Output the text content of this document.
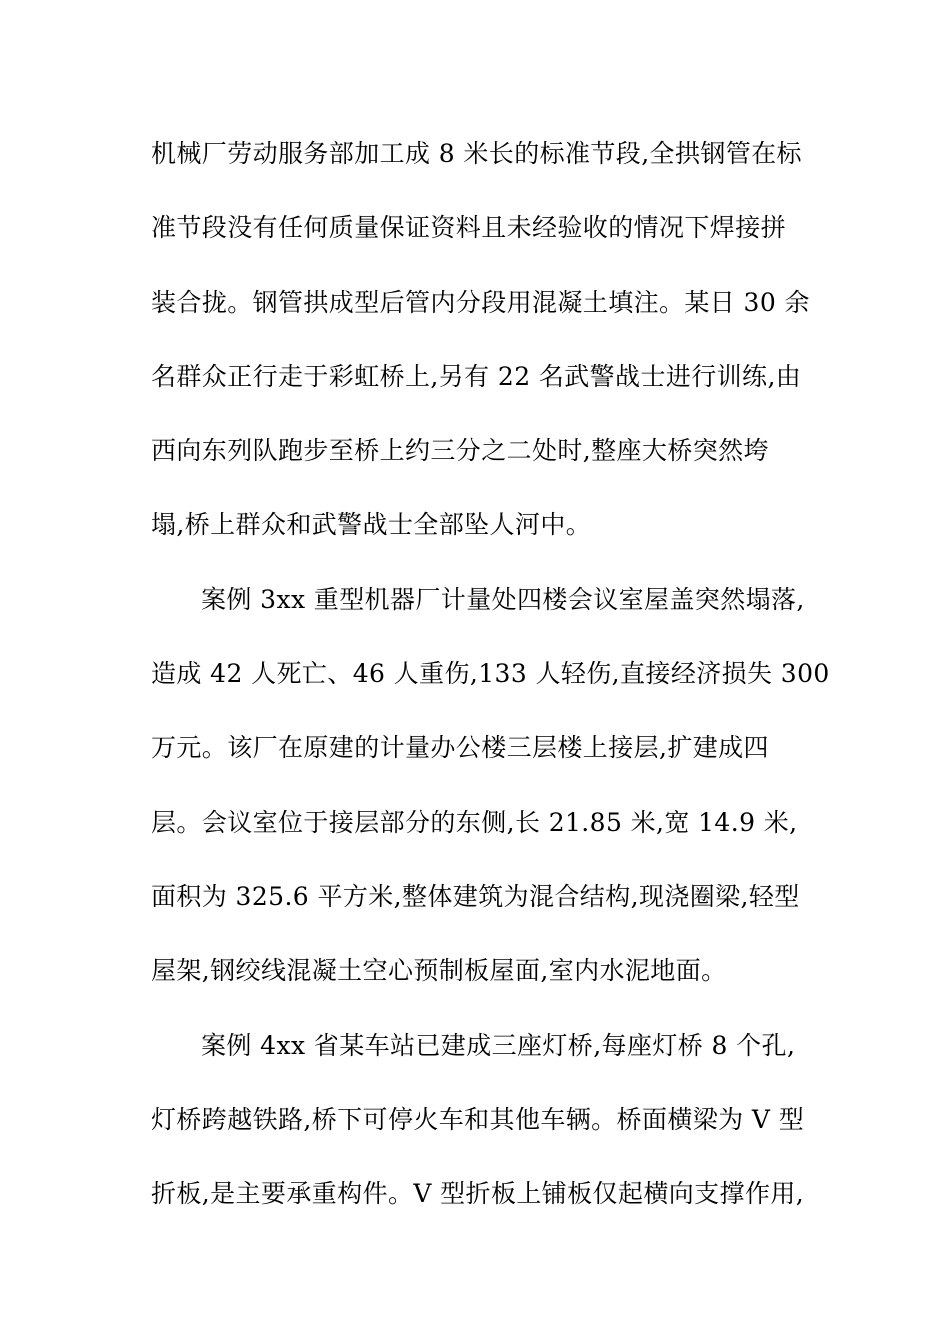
机械厂劳动服务部加工成 8 米长的标准节段,全拱钢管在标
准节段没有任何质量保证资料且未经验收的情况下焊接拼
装合拢。钢管拱成型后管内分段用混凝土填注。某日 30 余
名群众正行走于彩虹桥上,另有 22 名武警战士进行训练,由
西向东列队跑步至桥上约三分之二处时,整座大桥突然垮
塌,桥上群众和武警战士全部坠人河中。
案例 3xx 重型机器厂计量处四楼会议室屋盖突然塌落,
造成 42 人死亡、46 人重伤,133 人轻伤,直接经济损失 300
万元。该厂在原建的计量办公楼三层楼上接层,扩建成四
层。会议室位于接层部分的东侧,长 21.85 米,宽 14.9 米,
面积为 325.6 平方米,整体建筑为混合结构,现浇圈梁,轻型
屋架,钢绞线混凝土空心预制板屋面,室内水泥地面。
案例 4xx 省某车站已建成三座灯桥,每座灯桥 8 个孔,
灯桥跨越铁路,桥下可停火车和其他车辆。桥面横梁为 V 型
折板,是主要承重构件。V 型折板上铺板仅起横向支撑作用,
